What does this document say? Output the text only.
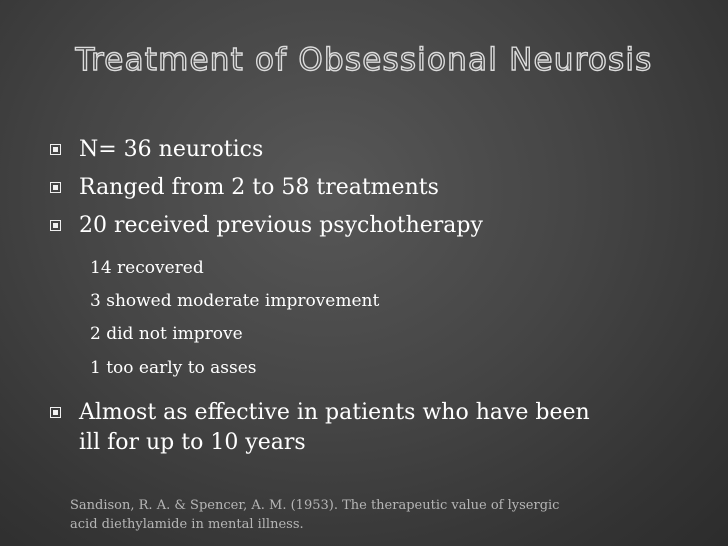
Treatment of Obsessional Neurosis
N= 36 neurotics
Ranged from 2 to 58 treatments
20 received previous psychotherapy
14 recovered
3 showed moderate improvement
2 did not improve
1 too early to asses
Almost as effective in patients who have been
ill for up to 10 years
Sandison, R. A. & Spencer, A. M. (1953). The therapeutic value of lysergic
acid diethylamide in mental illness.
